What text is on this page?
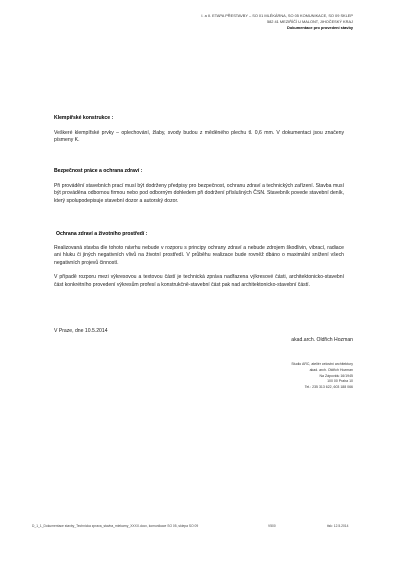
I. a II. ETAPA PŘESTAVBY – SO 01 MLÉKÁRNA, SO 05 KOMUNIKACE, SO 09 SKLEP
582 41 MEZIŘÍČÍ U MALONT, JIHOČESKÝ KRAJ
Dokumentace pro provedení stavby
Klempířské konstrukce :
Veškeré klempířské prvky – oplechování, žlaby, svody budou z měděného plechu tl. 0,6 mm. V dokumentaci jsou značeny písmeny K.
Bezpečnost práce a ochrana zdraví :
Při provádění stavebních prací musí být dodrženy předpisy pro bezpečnost, ochranu zdraví a technických zařízení. Stavba musí být prováděna odbornou firmou nebo pod odborným dohledem při dodržení příslušných ČSN. Stavebník povede stavební deník, který spolupodepisuje stavební dozor a autorský dozor.
Ochrana zdraví a životního prostředí :
Realizovaná stavba dle tohoto návrhu nebude v rozporu s principy ochrany zdraví a nebude zdrojem škodlivin, vibrací, radiace ani hluku či jiných negativních vlivů na životní prostředí. V průběhu realizace bude rovněž dbáno o maximální snížení všech negativních projevů činností.
V případě rozporu mezi výkresovou a textovou částí je technická zpráva nadřazena výkresové části, architektonicko-stavební část konkrétního provedení výkresům profesí a konstrukčně-stavební část pak nad architektonicko-stavební částí.
V Praze, dne 10.5.2014
akad.arch. Oldřich Hozman
Studio ARC, ateliér celostní architektury
akad. arch. Oldřich Hozman
Na Zápovidu 16/1945
100 00 Praha 10
Tel.: 235 313 622, 603 188 066
D_1_1_Dokumentace stavby_Technicka zprava_stavba_mlekarny_XXXX.docx, komunikace SO 05, sklepa SO 09	V500	tisk: 12.5.2014
